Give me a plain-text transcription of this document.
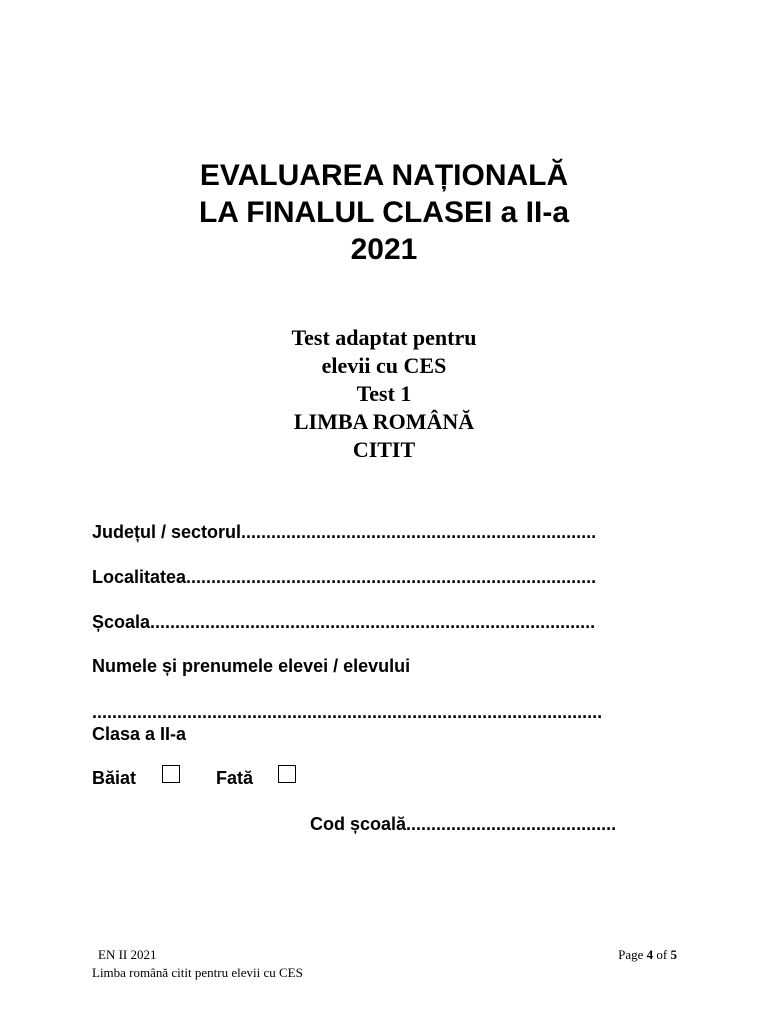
EVALUAREA NAȚIONALĂ
LA FINALUL CLASEI a II-a
2021
Test adaptat pentru
elevii cu CES
Test 1
LIMBA ROMÂNĂ
CITIT
Județul / sectorul.......................................................................
Localitatea..................................................................................
Școala.........................................................................................
Numele și prenumele elevei / elevului
......................................................................................................
Clasa a II-a
Băiat	Fată
Cod școală..........................................
EN II 2021
Limba română citit pentru elevii cu CES
Page 4 of 5
